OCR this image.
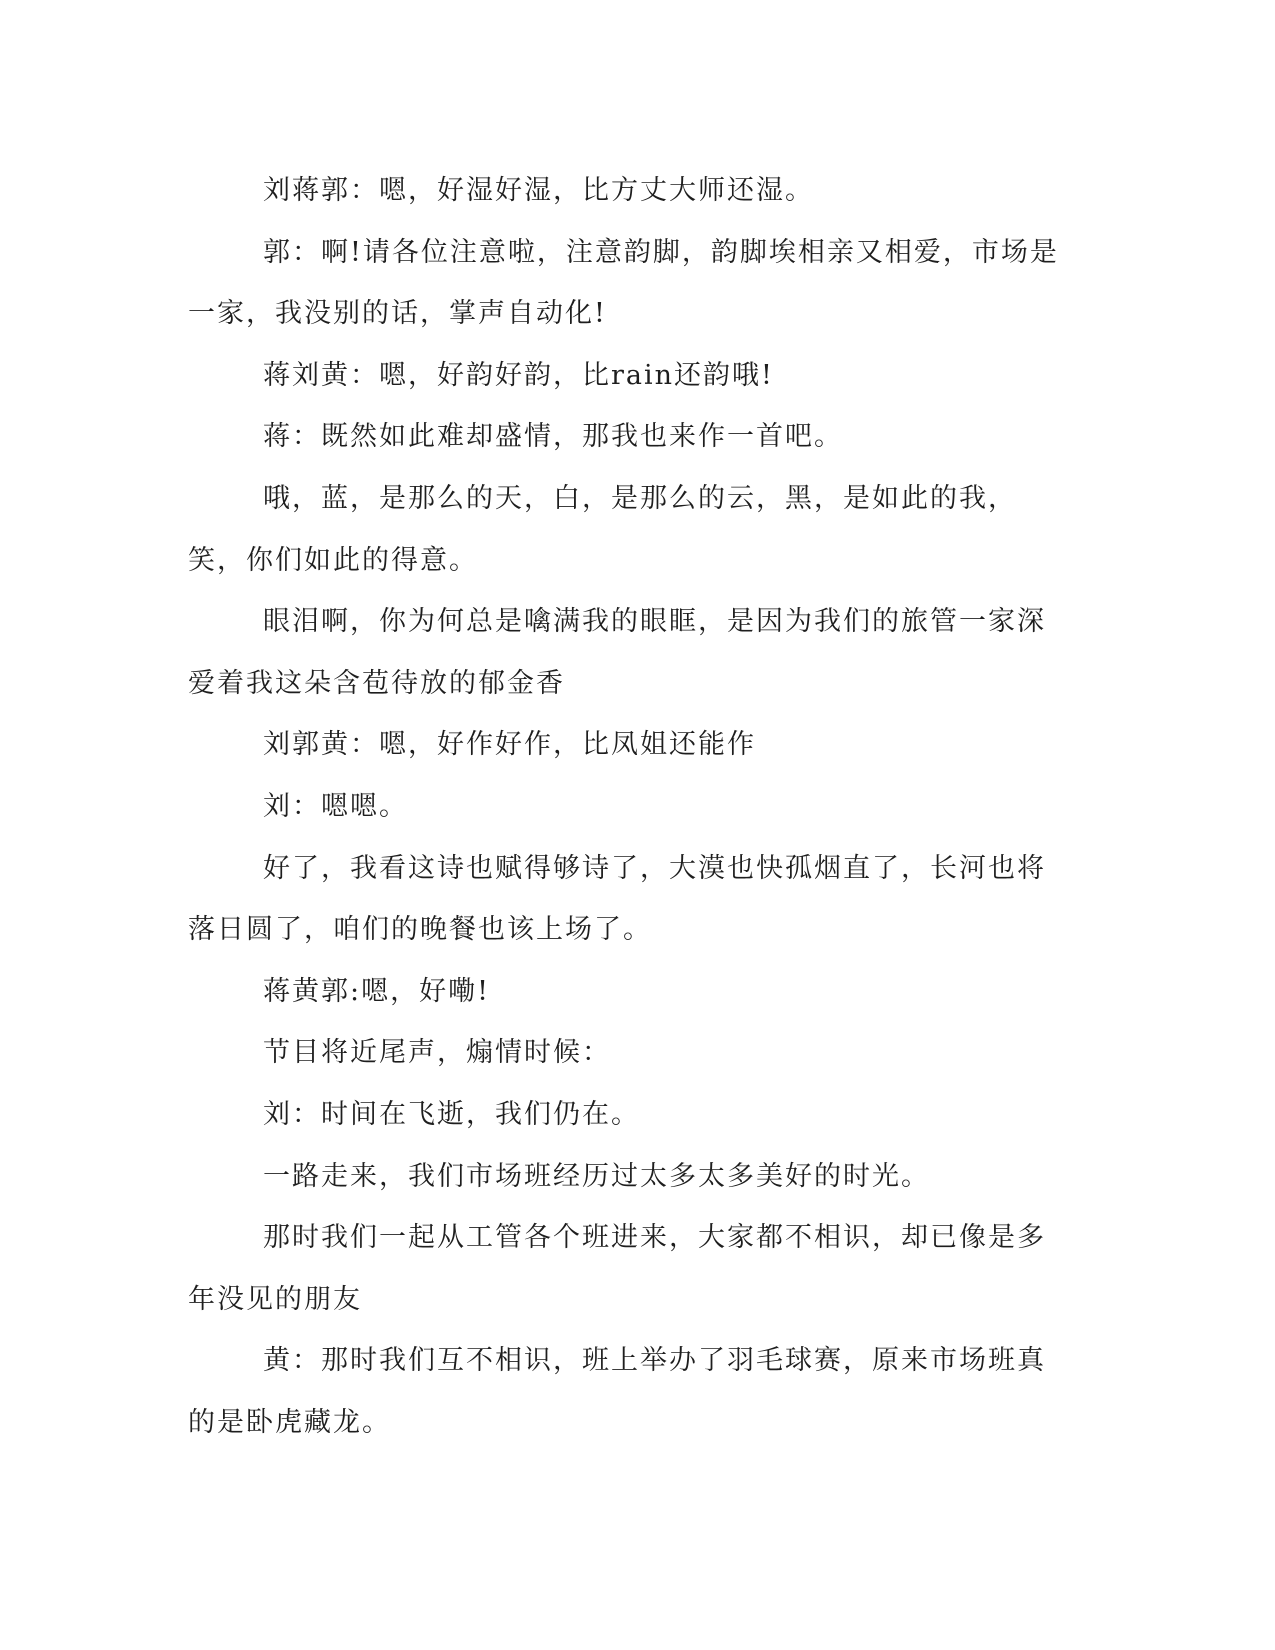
刘蒋郭：嗯，好湿好湿，比方丈大师还湿。

郭：啊!请各位注意啦，注意韵脚，韵脚埃相亲又相爱，市场是一家，我没别的话，掌声自动化!

蒋刘黄：嗯，好韵好韵，比rain还韵哦!

蒋：既然如此难却盛情，那我也来作一首吧。

哦，蓝，是那么的天，白，是那么的云，黑，是如此的我，笑，你们如此的得意。

眼泪啊，你为何总是噙满我的眼眶，是因为我们的旅管一家深爱着我这朵含苞待放的郁金香

刘郭黄：嗯，好作好作，比凤姐还能作

刘：嗯嗯。

好了，我看这诗也赋得够诗了，大漠也快孤烟直了，长河也将落日圆了，咱们的晚餐也该上场了。

蒋黄郭:嗯，好嘞!

节目将近尾声，煽情时候：

刘：时间在飞逝，我们仍在。

一路走来，我们市场班经历过太多太多美好的时光。

那时我们一起从工管各个班进来，大家都不相识，却已像是多年没见的朋友

黄：那时我们互不相识，班上举办了羽毛球赛，原来市场班真的是卧虎藏龙。
